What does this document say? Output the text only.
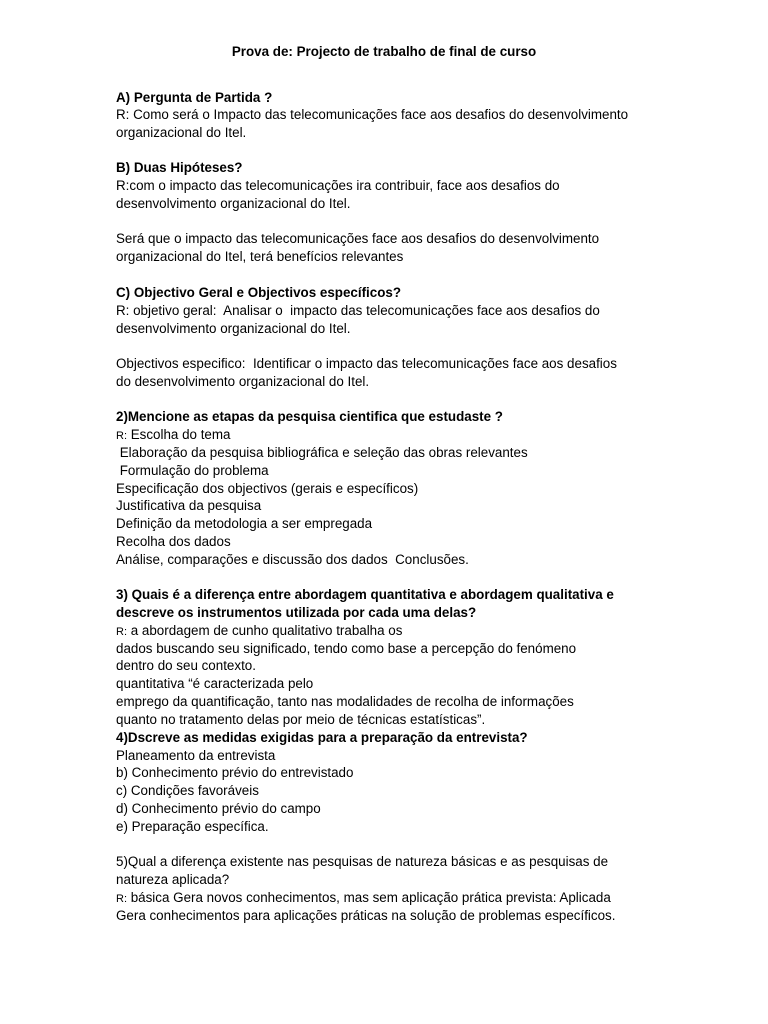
Prova de: Projecto de trabalho de final de curso
A) Pergunta de Partida ?
R: Como será o Impacto das telecomunicações face aos desafios do desenvolvimento
organizacional do Itel.
B) Duas Hipóteses?
R:com o impacto das telecomunicações ira contribuir, face aos desafios do
desenvolvimento organizacional do Itel.
Será que o impacto das telecomunicações face aos desafios do desenvolvimento
organizacional do Itel, terá benefícios relevantes
C) Objectivo Geral e Objectivos específicos?
R: objetivo geral:  Analisar o  impacto das telecomunicações face aos desafios do
desenvolvimento organizacional do Itel.
Objectivos especifico:  Identificar o impacto das telecomunicações face aos desafios
do desenvolvimento organizacional do Itel.
2)Mencione as etapas da pesquisa cientifica que estudaste ?
R: Escolha do tema
Elaboração da pesquisa bibliográfica e seleção das obras relevantes
Formulação do problema
Especificação dos objectivos (gerais e específicos)
Justificativa da pesquisa
Definição da metodologia a ser empregada
Recolha dos dados
Análise, comparações e discussão dos dados  Conclusões.
3) Quais é a diferença entre abordagem quantitativa e abordagem qualitativa e
descreve os instrumentos utilizada por cada uma delas?
R: a abordagem de cunho qualitativo trabalha os
dados buscando seu significado, tendo como base a percepção do fenómeno
dentro do seu contexto.
quantitativa “é caracterizada pelo
emprego da quantificação, tanto nas modalidades de recolha de informações
quanto no tratamento delas por meio de técnicas estatísticas”.
4)Dscreve as medidas exigidas para a preparação da entrevista?
Planeamento da entrevista
b) Conhecimento prévio do entrevistado
c) Condições favoráveis
d) Conhecimento prévio do campo
e) Preparação específica.
5)Qual a diferença existente nas pesquisas de natureza básicas e as pesquisas de
natureza aplicada?
R: básica Gera novos conhecimentos, mas sem aplicação prática prevista: Aplicada
Gera conhecimentos para aplicações práticas na solução de problemas específicos.
